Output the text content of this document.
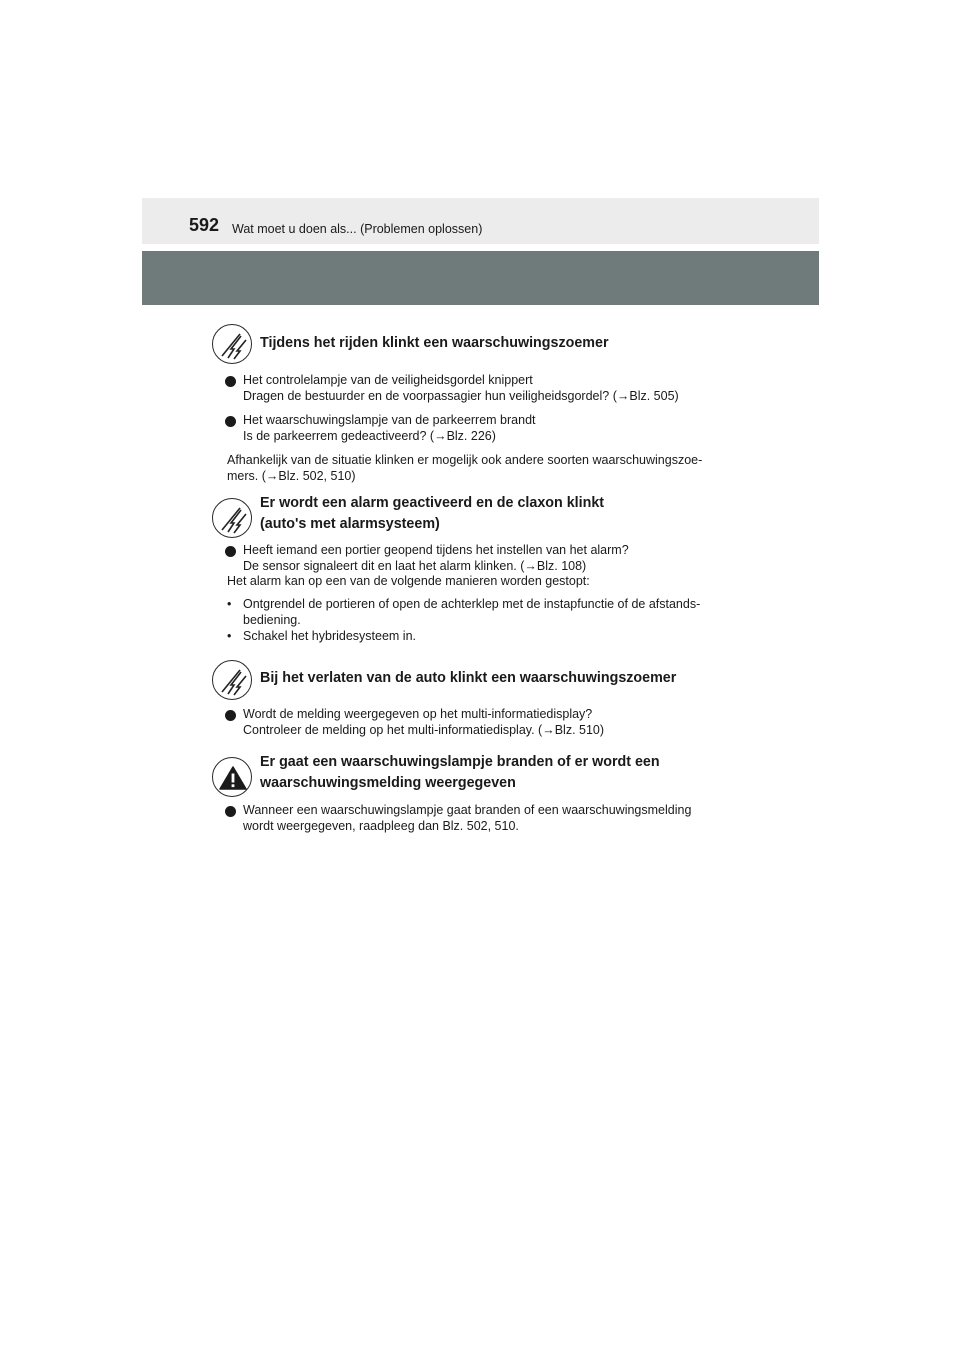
592 Wat moet u doen als... (Problemen oplossen)
Tijdens het rijden klinkt een waarschuwingszoemer
Het controlelampje van de veiligheidsgordel knippert
Dragen de bestuurder en de voorpassagier hun veiligheidsgordel? (→Blz. 505)
Het waarschuwingslampje van de parkeerrem brandt
Is de parkeerrem gedeactiveerd? (→Blz. 226)
Afhankelijk van de situatie klinken er mogelijk ook andere soorten waarschuwingszoe-
mers. (→Blz. 502, 510)
Er wordt een alarm geactiveerd en de claxon klinkt
(auto's met alarmsysteem)
Heeft iemand een portier geopend tijdens het instellen van het alarm?
De sensor signaleert dit en laat het alarm klinken. (→Blz. 108)
Het alarm kan op een van de volgende manieren worden gestopt:
• Ontgrendel de portieren of open de achterklep met de instapfunctie of de afstands-
bediening.
• Schakel het hybridesysteem in.
Bij het verlaten van de auto klinkt een waarschuwingszoemer
Wordt de melding weergegeven op het multi-informatiedisplay?
Controleer de melding op het multi-informatiedisplay. (→Blz. 510)
Er gaat een waarschuwingslampje branden of er wordt een
waarschuwingsmelding weergegeven
Wanneer een waarschuwingslampje gaat branden of een waarschuwingsmelding
wordt weergegeven, raadpleeg dan Blz. 502, 510.
